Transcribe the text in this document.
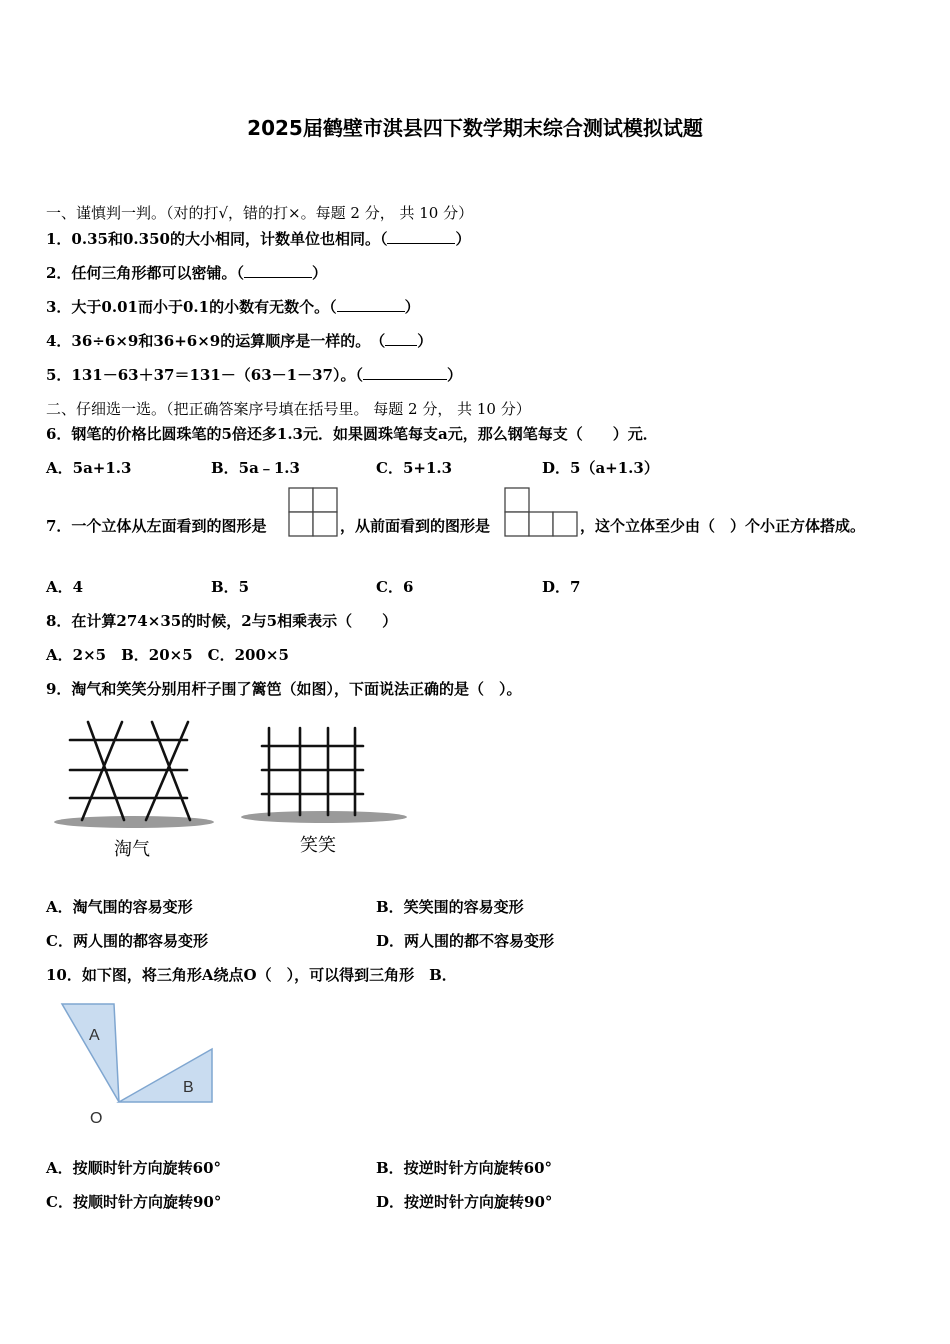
2025届鹤壁市淇县四下数学期末综合测试模拟试题
一、谨慎判一判。（对的打√，错的打×。每题 2 分， 共 10 分）
1．0.35和0.350的大小相同，计数单位也相同。（	）
2．任何三角形都可以密铺。（	）
3．大于0.01而小于0.1的小数有无数个。（	）
4．36÷6×9和36+6×9的运算顺序是一样的。　（ ）
5．131－63＋37＝131－（63－1－37）。（	）
二、仔细选一选。（把正确答案序号填在括号里。 每题 2 分， 共 10 分）
6．钢笔的价格比圆珠笔的5倍还多1.3元．如果圆珠笔每支a元，那么钢笔每支（　　）元．
A．5a+1.3	B．5a﹣1.3	C．5+1.3	D．5（a+1.3）
7．一个立体从左面看到的图形是	，从前面看到的图形是	，这个立体至少由（　）个小正方体搭成。
A．4	B．5	C．6	D．7
8．在计算274×35的时候，2与5相乘表示（　　）
A．2×5　B．20×5　C．200×5
9．淘气和笑笑分别用杆子围了篱笆（如图），下面说法正确的是（　）。
淘气	笑笑
A．淘气围的容易变形	B．笑笑围的容易变形
C．两人围的都容易变形	D．两人围的都不容易变形
10．如下图，将三角形A绕点O（　），可以得到三角形　B．
A
B
O
A．按顺时针方向旋转60°	B．按逆时针方向旋转60°
C．按顺时针方向旋转90°	D．按逆时针方向旋转90°
